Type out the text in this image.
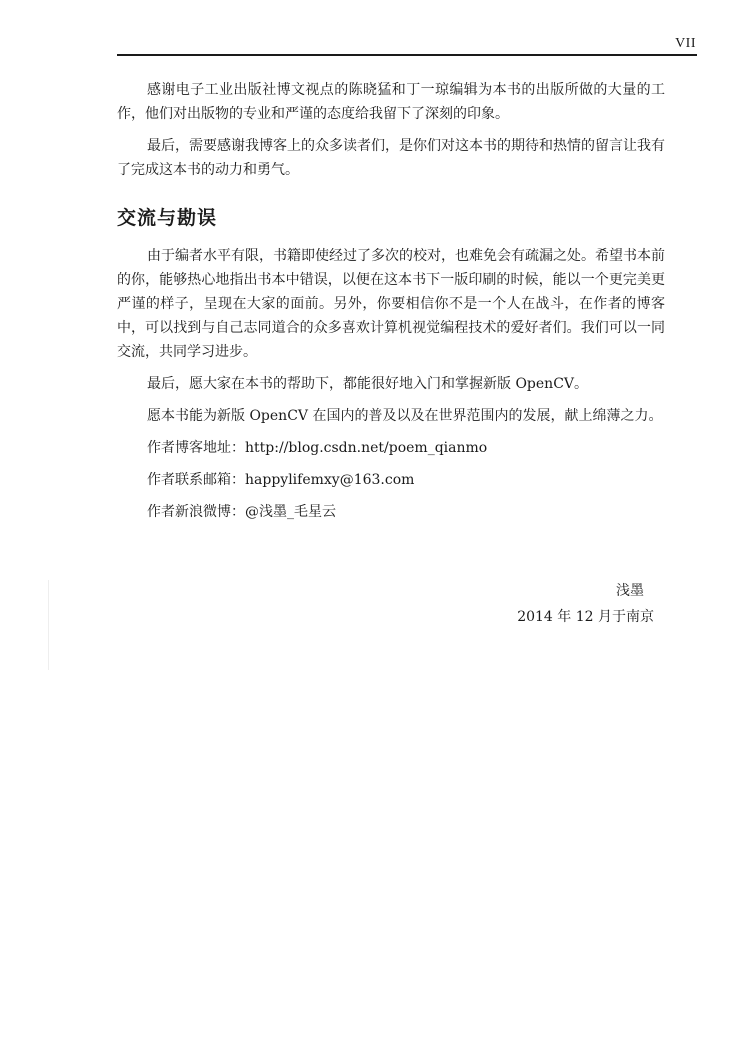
VII

感谢电子工业出版社博文视点的陈晓猛和丁一琼编辑为本书的出版所做的大量的工作，他们对出版物的专业和严谨的态度给我留下了深刻的印象。

最后，需要感谢我博客上的众多读者们，是你们对这本书的期待和热情的留言让我有了完成这本书的动力和勇气。

交流与勘误

由于编者水平有限，书籍即使经过了多次的校对，也难免会有疏漏之处。希望书本前的你，能够热心地指出书本中错误，以便在这本书下一版印刷的时候，能以一个更完美更严谨的样子，呈现在大家的面前。另外，你要相信你不是一个人在战斗，在作者的博客中，可以找到与自己志同道合的众多喜欢计算机视觉编程技术的爱好者们。我们可以一同交流，共同学习进步。

最后，愿大家在本书的帮助下，都能很好地入门和掌握新版 OpenCV。

愿本书能为新版 OpenCV 在国内的普及以及在世界范围内的发展，献上绵薄之力。

作者博客地址：http://blog.csdn.net/poem_qianmo
作者联系邮箱：happylifemxy@163.com
作者新浪微博：@浅墨_毛星云
浅墨
2014 年 12 月于南京
